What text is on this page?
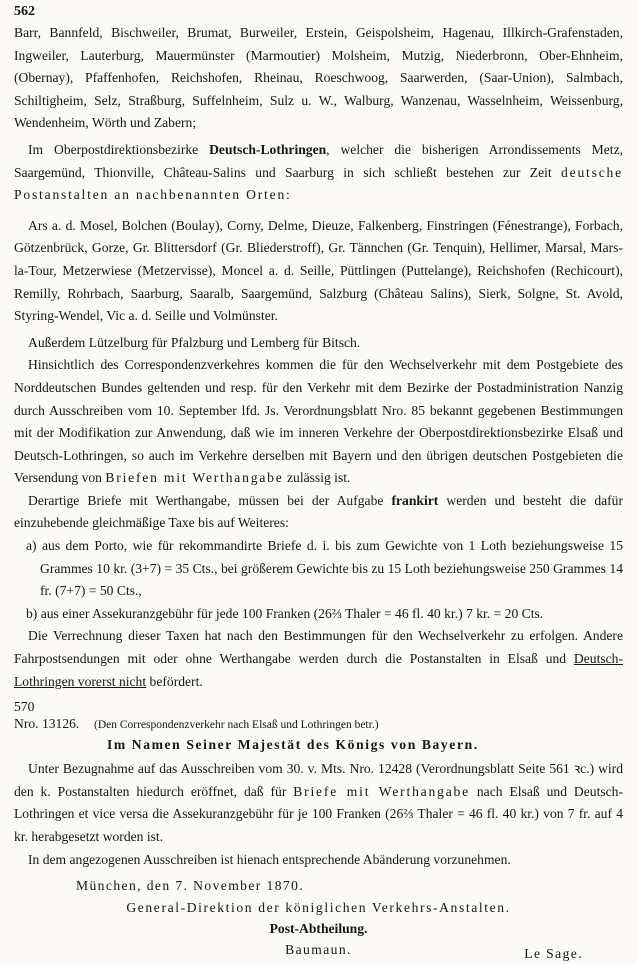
562

Barr, Bannfeld, Bischweiler, Brumat, Burweiler, Erstein, Geispolsheim, Hagenau, Illkirch-Grafenstaden, Ingweiler, Lauterburg, Mauermünster (Marmoutier) Molsheim, Mutzig, Niederbronn, Ober-Ehnheim, (Obernay), Pfaffenhofen, Reichshofen, Rheinau, Roeschwoog, Saarwerden, (Saar-Union), Salmbach, Schiltigheim, Selz, Straßburg, Suffelnheim, Sulz u. W., Walburg, Wanzenau, Wasselnheim, Weissenburg, Wendenheim, Wörth und Zabern;

Im Oberpostdirektionsbezirke Deutsch-Lothringen, welcher die bisherigen Arrondissements Metz, Saargemünd, Thionville, Château-Salins und Saarburg in sich schließt bestehen zur Zeit deutsche Postanstalten an nachbenannten Orten:

Ars a. d. Mosel, Bolchen (Boulay), Corny, Delme, Dieuze, Falkenberg, Finstringen (Fénestrange), Forbach, Götzenbrück, Gorze, Gr. Blittersdorf (Gr. Bliederstroff), Gr. Tännchen (Gr. Tenquin), Hellimer, Marsal, Mars-la-Tour, Metzerwiese (Metzervisse), Moncel a. d. Seille, Püttlingen (Puttelange), Reichshofen (Rechicourt), Remilly, Rohrbach, Saarburg, Saaralb, Saargemünd, Salzburg (Château Salins), Sierk, Solgne, St. Avold, Styring-Wendel, Vic a. d. Seille und Volmünster.

Außerdem Lützelburg für Pfalzburg und Lemberg für Bitsch.

Hinsichtlich des Correspondenzverkehres kommen die für den Wechselverkehr mit dem Postgebiete des Norddeutschen Bundes geltenden und resp. für den Verkehr mit dem Bezirke der Postadministration Nanzig durch Ausschreiben vom 10. September lfd. Js. Verordnungsblatt Nro. 85 bekannt gegebenen Bestimmungen mit der Modifikation zur Anwendung, daß wie im inneren Verkehre der Oberpostdirektionsbezirke Elsaß und Deutsch-Lothringen, so auch im Verkehre derselben mit Bayern und den übrigen deutschen Postgebieten die Versendung von Briefen mit Werthangabe zulässig ist.

Derartige Briefe mit Werthangabe, müssen bei der Aufgabe frankirt werden und besteht die dafür einzuhebende gleichmäßige Taxe bis auf Weiteres:

a) aus dem Porto, wie für rekommandirte Briefe d. i. bis zum Gewichte von 1 Loth beziehungsweise 15 Grammes 10 kr. (3+7) = 35 Cts., bei größerem Gewichte bis zu 15 Loth beziehungsweise 250 Grammes 14 fr. (7+7) = 50 Cts.,

b) aus einer Assekuranzgebühr für jede 100 Franken (26⅔ Thaler = 46 fl. 40 kr.) 7 kr. = 20 Cts.

Die Verrechnung dieser Taxen hat nach den Bestimmungen für den Wechselverkehr zu erfolgen. Andere Fahrpostsendungen mit oder ohne Werthangabe werden durch die Postanstalten in Elsaß und Deutsch-Lothringen vorerst nicht befördert.

570
Nro. 13126.	(Den Correspondenzverkehr nach Elsaß und Lothringen betr.)
Im Namen Seiner Majestät des Königs von Bayern.

Unter Bezugnahme auf das Ausschreiben vom 30. v. Mts. Nro. 12428 (Verordnungsblatt Seite 561 ꝛc.) wird den k. Postanstalten hiedurch eröffnet, daß für Briefe mit Werthangabe nach Elsaß und Deutsch-Lothringen et vice versa die Assekuranzgebühr für je 100 Franken (26⅔ Thaler = 46 fl. 40 kr.) von 7 fr. auf 4 kr. herabgesetzt worden ist.

In dem angezogenen Ausschreiben ist hienach entsprechende Abänderung vorzunehmen.

München, den 7. November 1870.
General-Direktion der königlichen Verkehrs-Anstalten.
Post-Abtheilung.
Baumaun.	Le Sage.
